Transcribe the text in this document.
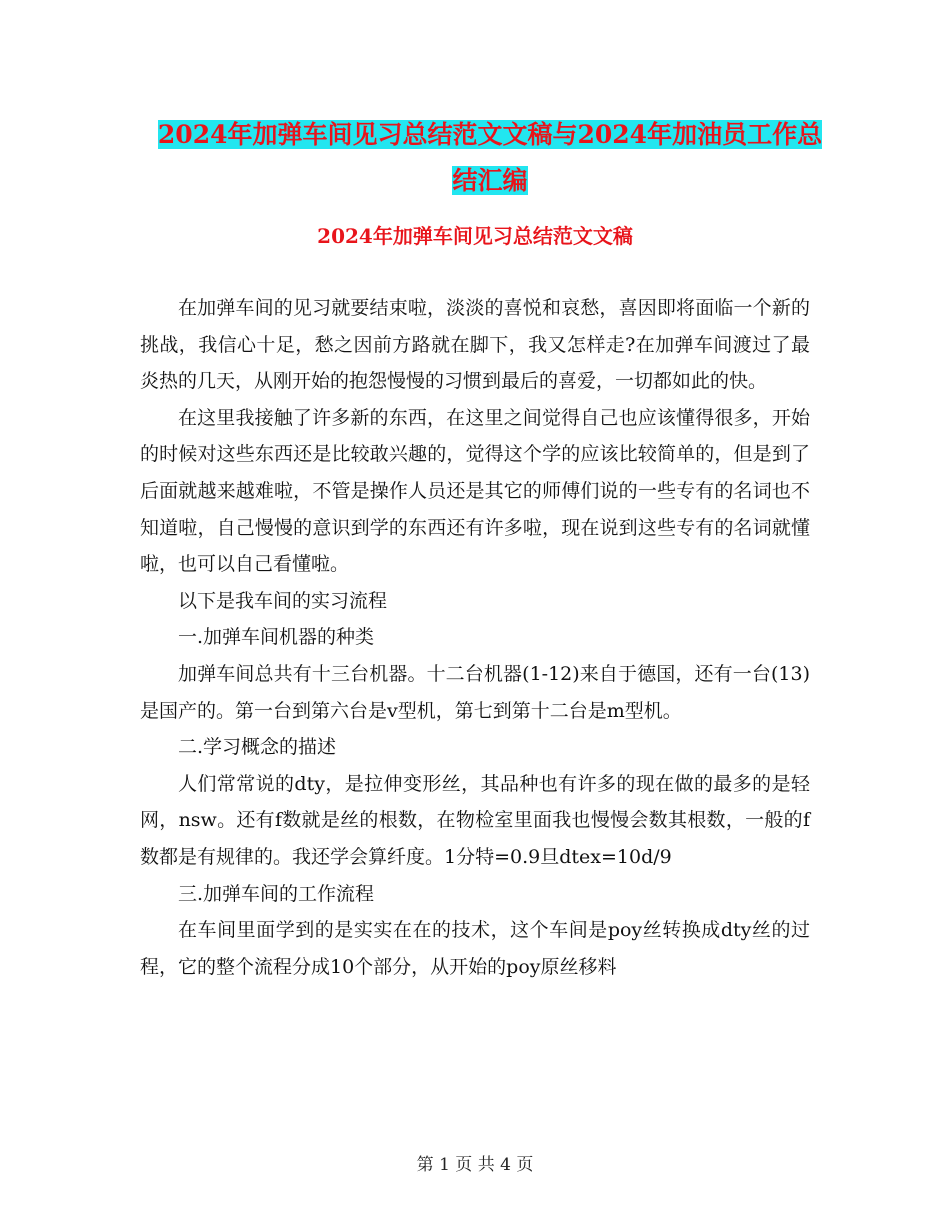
2024年加弹车间见习总结范文文稿与2024年加油员工作总结汇编
2024年加弹车间见习总结范文文稿

在加弹车间的见习就要结束啦，淡淡的喜悦和哀愁，喜因即将面临一个新的挑战，我信心十足，愁之因前方路就在脚下，我又怎样走?在加弹车间渡过了最炎热的几天，从刚开始的抱怨慢慢的习惯到最后的喜爱，一切都如此的快。

在这里我接触了许多新的东西，在这里之间觉得自己也应该懂得很多，开始的时候对这些东西还是比较敢兴趣的，觉得这个学的应该比较简单的，但是到了后面就越来越难啦，不管是操作人员还是其它的师傅们说的一些专有的名词也不知道啦，自己慢慢的意识到学的东西还有许多啦，现在说到这些专有的名词就懂啦，也可以自己看懂啦。

以下是我车间的实习流程

一.加弹车间机器的种类

加弹车间总共有十三台机器。十二台机器(1-12)来自于德国，还有一台(13)是国产的。第一台到第六台是v型机，第七到第十二台是m型机。

二.学习概念的描述

人们常常说的dty，是拉伸变形丝，其品种也有许多的现在做的最多的是轻网，nsw。还有f数就是丝的根数，在物检室里面我也慢慢会数其根数，一般的f数都是有规律的。我还学会算纤度。1分特=0.9旦dtex=10d/9

三.加弹车间的工作流程

在车间里面学到的是实实在在的技术，这个车间是poy丝转换成dty丝的过程，它的整个流程分成10个部分，从开始的poy原丝移料

第 1 页 共 4 页
